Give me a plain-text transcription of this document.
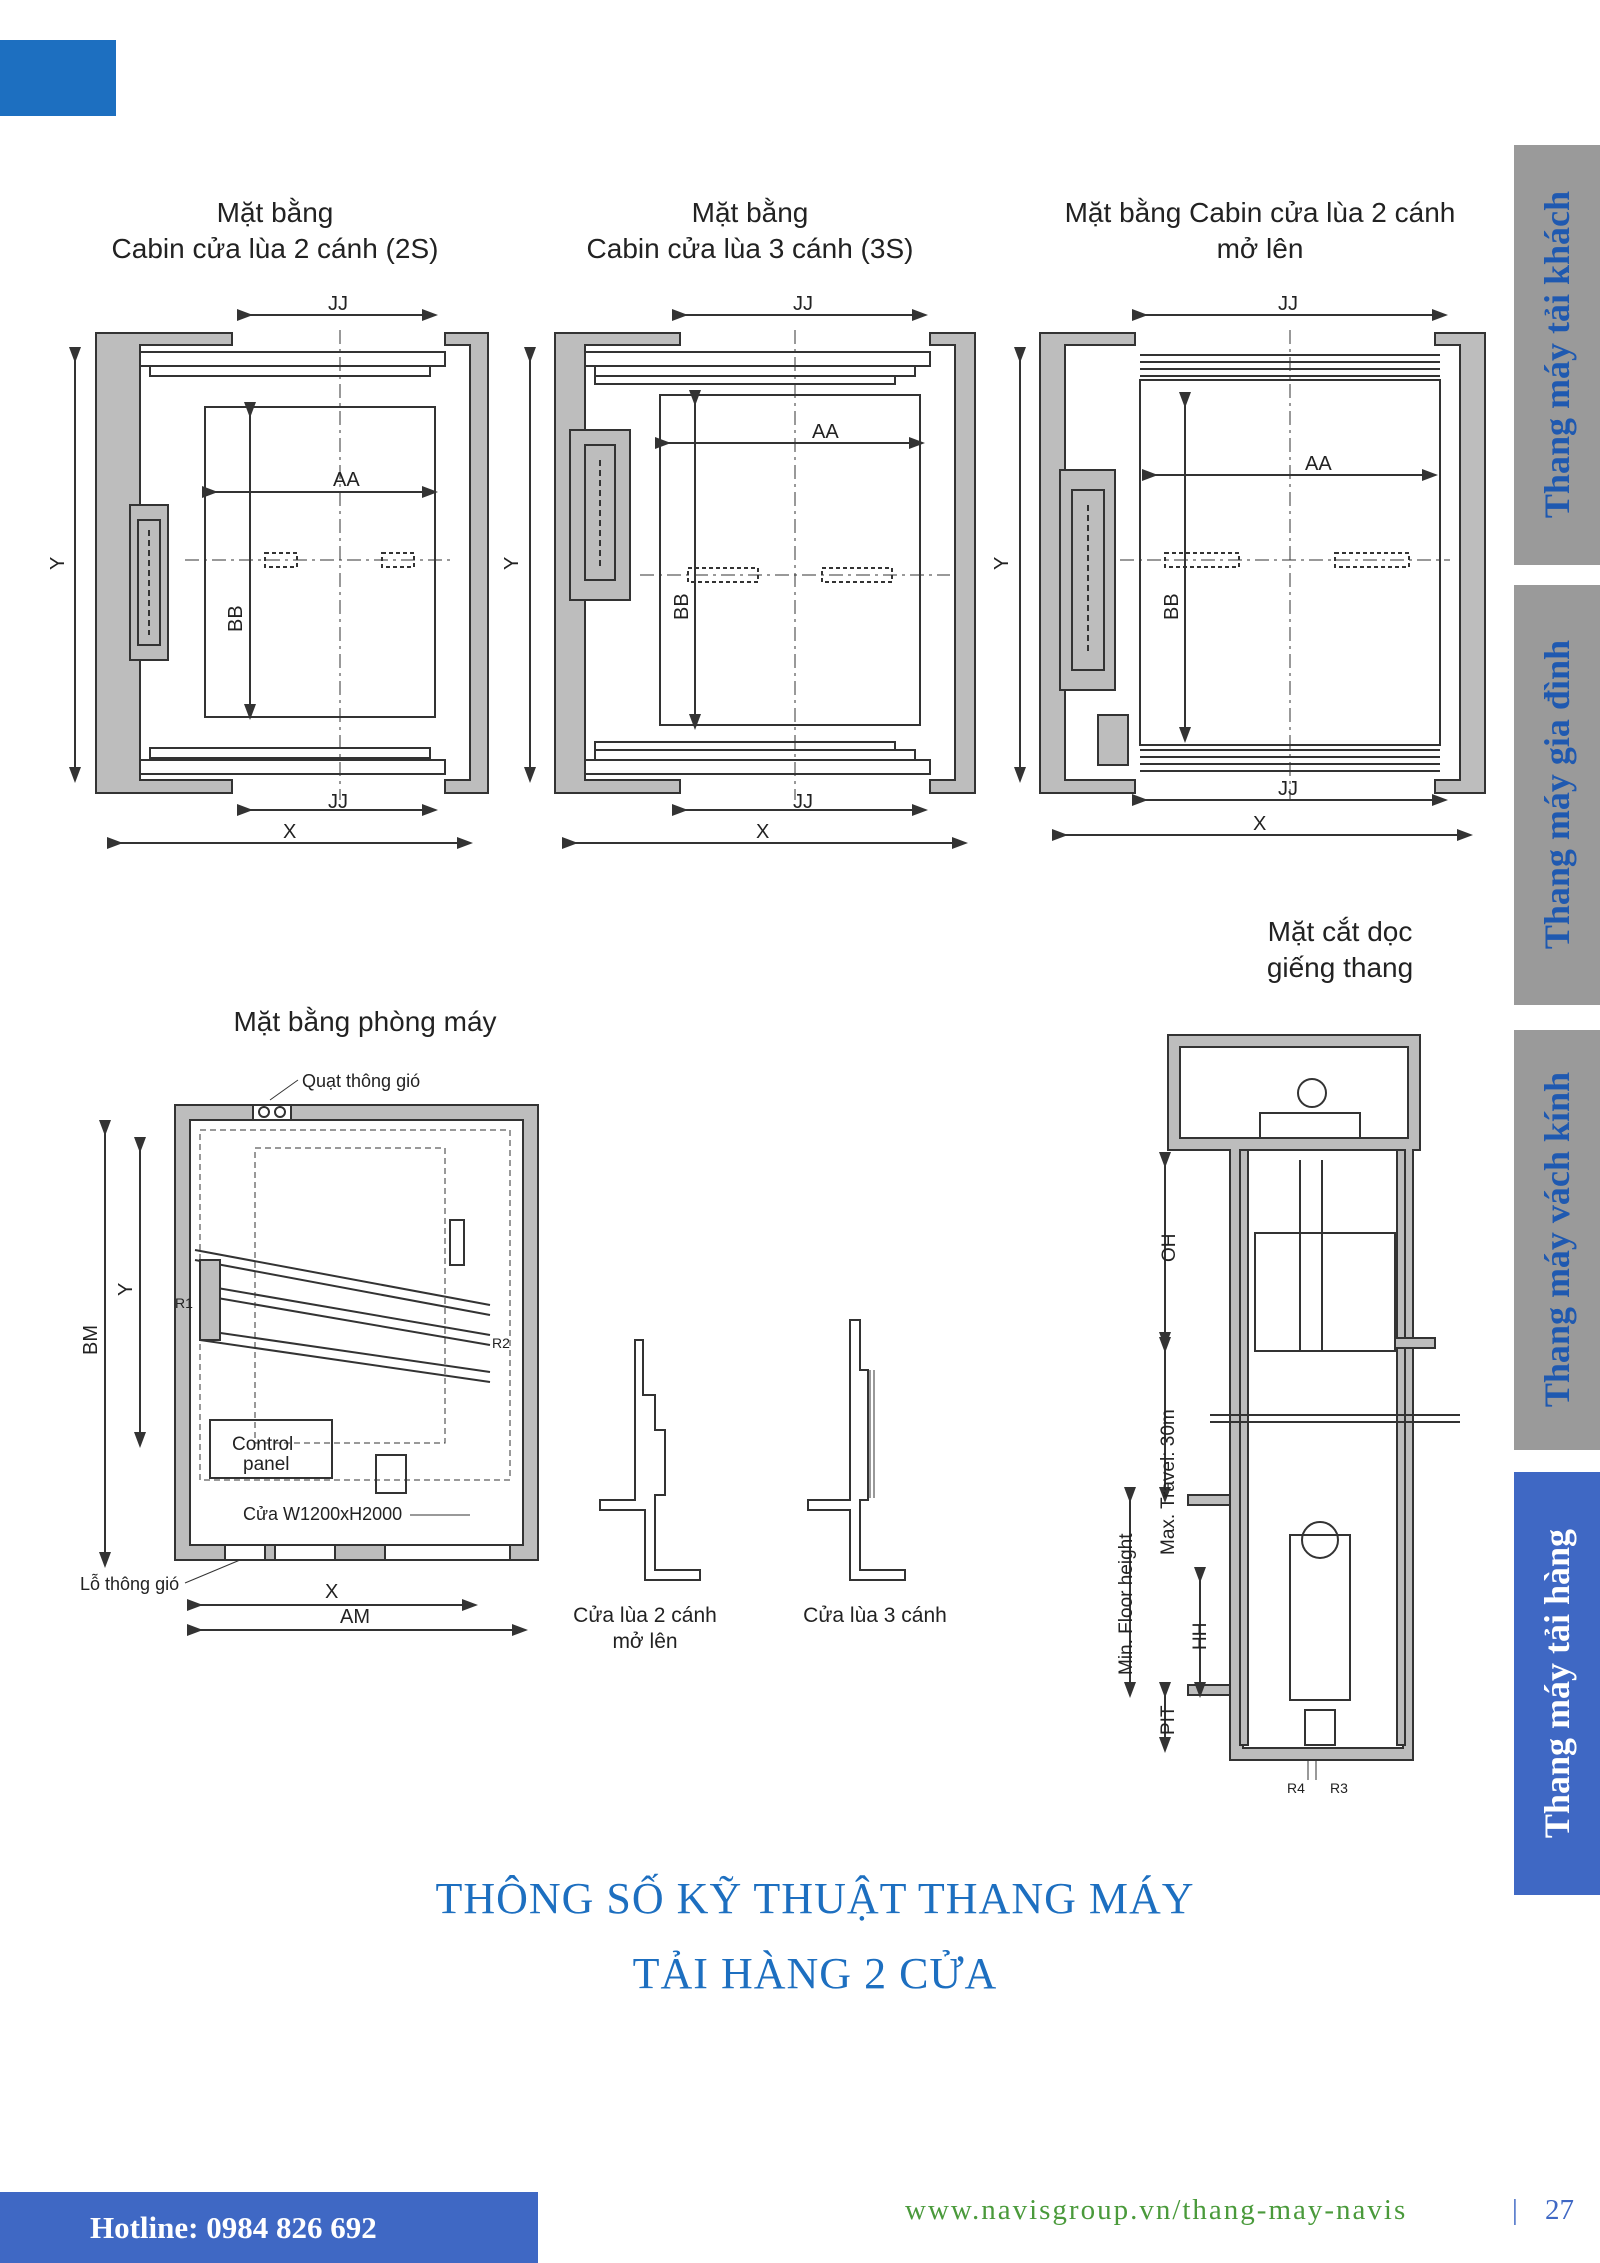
Thang máy tải khách
Thang máy gia đình
Thang máy vách kính
Thang máy tải hàng
Mặt bằng
Cabin cửa lùa 2 cánh (2S)
Mặt bằng
Cabin cửa lùa 3 cánh (3S)
Mặt bằng Cabin cửa lùa 2 cánh
mở lên
Mặt cắt dọc
giếng thang
Mặt bằng phòng máy
Cửa lùa 2 cánh
mở lên
Cửa lùa 3 cánh
JJ
JJ
AA
BB
Y
X
JJ
JJ
AA
BB
Y
X
JJ
JJ
AA
BB
Y
X
Quạt thông gió
R1
R2
Control
panel
Cửa W1200xH2000
Lỗ thông gió
BM
Y
X
AM
OH
Max. Travel: 30m
Min. Floor height	HH
PIT
R4 R3
THÔNG SỐ KỸ THUẬT THANG MÁY
TẢI HÀNG 2 CỬA
Hotline: 0984 826 692	www.navisgroup.vn/thang-may-navis	| 27
